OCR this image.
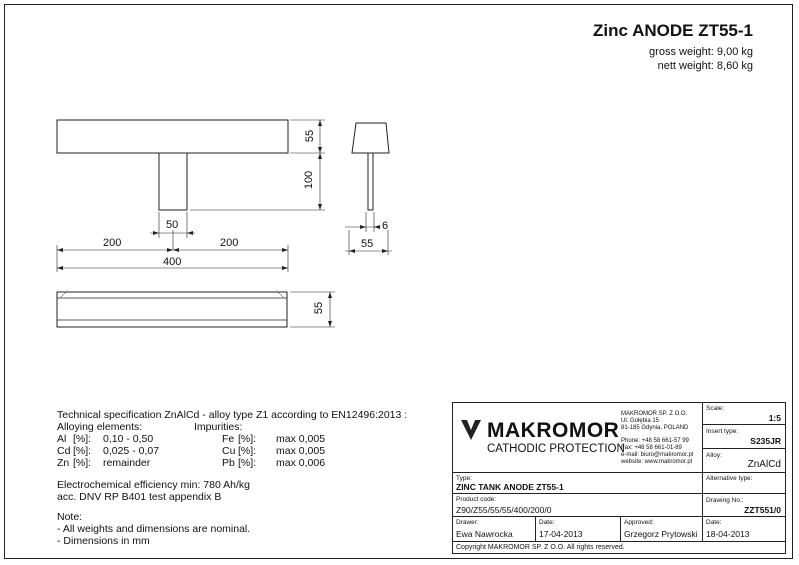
Zinc ANODE ZT55-1
gross weight: 9,00 kg
nett weight: 8,60 kg
55
100
50
200	200
400
6
55
55
Technical specification ZnAlCd - alloy type Z1 according to EN12496:2013 :
Alloying elements:	Impurities:
Al [%]: 0,10 - 0,50	Fe [%]: max 0,005
Cd [%]: 0,025 - 0,07	Cu [%]: max 0,005
Zn [%]: remainder	Pb [%]: max 0,006
Electrochemical efficiency min: 780 Ah/kg
acc. DNV RP B401 test appendix B
Note:
- All weights and dimensions are nominal.
- Dimensions in mm
MAKROMOR
CATHODIC PROTECTION
MAKROMOR SP. Z O.O.
Ul. Gołębia 15
81-185 Gdynia, POLAND
Phone: +48 58 661-57 99
Fax: +48 58 661-01-89
e-mail: biuro@makromor.pl
website: www.makromor.pl
Scale:
1:5
Insert type:
S235JR
Alloy:
ZnAlCd
Type:
ZINC TANK ANODE ZT55-1
Alternative type:
Product code:
Z90/Z55/55/55/400/200/0
Drawing No.:
ZZT551/0
Drawer:
Ewa Nawrocka
Date:
17-04-2013
Approved:
Grzegorz Prytowski
Date:
18-04-2013
Copyright MAKROMOR SP. Z O.O. All rights reserved.
